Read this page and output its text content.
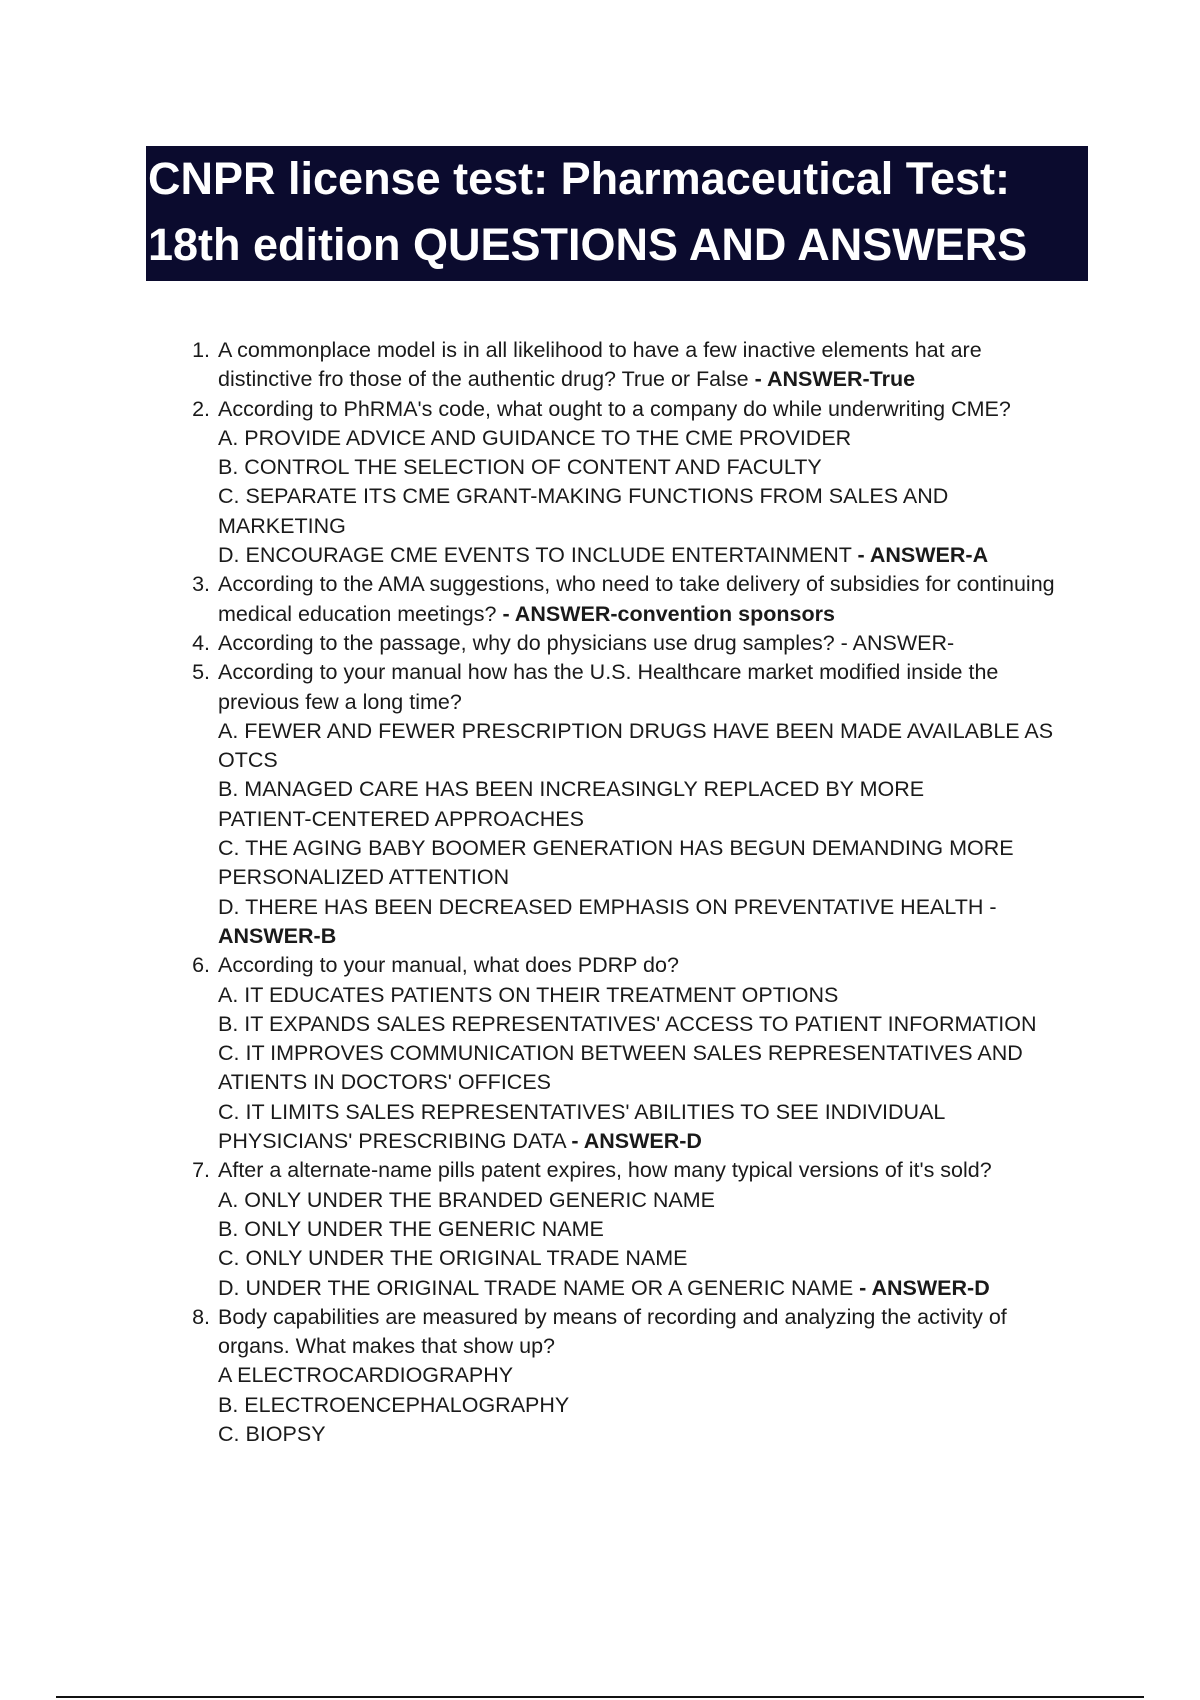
CNPR license test: Pharmaceutical Test:
18th edition QUESTIONS AND ANSWERS
1. A commonplace model is in all likelihood to have a few inactive elements hat are
distinctive fro those of the authentic drug? True or False - ANSWER-True
2. According to PhRMA's code, what ought to a company do while underwriting CME?
A. PROVIDE ADVICE AND GUIDANCE TO THE CME PROVIDER
B. CONTROL THE SELECTION OF CONTENT AND FACULTY
C. SEPARATE ITS CME GRANT-MAKING FUNCTIONS FROM SALES AND
MARKETING
D. ENCOURAGE CME EVENTS TO INCLUDE ENTERTAINMENT - ANSWER-A
3. According to the AMA suggestions, who need to take delivery of subsidies for continuing
medical education meetings? - ANSWER-convention sponsors
4. According to the passage, why do physicians use drug samples? - ANSWER-
5. According to your manual how has the U.S. Healthcare market modified inside the
previous few a long time?
A. FEWER AND FEWER PRESCRIPTION DRUGS HAVE BEEN MADE AVAILABLE AS
OTCS
B. MANAGED CARE HAS BEEN INCREASINGLY REPLACED BY MORE
PATIENT-CENTERED APPROACHES
C. THE AGING BABY BOOMER GENERATION HAS BEGUN DEMANDING MORE
PERSONALIZED ATTENTION
D. THERE HAS BEEN DECREASED EMPHASIS ON PREVENTATIVE HEALTH -
ANSWER-B
6. According to your manual, what does PDRP do?
A. IT EDUCATES PATIENTS ON THEIR TREATMENT OPTIONS
B. IT EXPANDS SALES REPRESENTATIVES' ACCESS TO PATIENT INFORMATION
C. IT IMPROVES COMMUNICATION BETWEEN SALES REPRESENTATIVES AND
ATIENTS IN DOCTORS' OFFICES
C. IT LIMITS SALES REPRESENTATIVES' ABILITIES TO SEE INDIVIDUAL
PHYSICIANS' PRESCRIBING DATA - ANSWER-D
7. After a alternate-name pills patent expires, how many typical versions of it's sold?
A. ONLY UNDER THE BRANDED GENERIC NAME
B. ONLY UNDER THE GENERIC NAME
C. ONLY UNDER THE ORIGINAL TRADE NAME
D. UNDER THE ORIGINAL TRADE NAME OR A GENERIC NAME - ANSWER-D
8. Body capabilities are measured by means of recording and analyzing the activity of
organs. What makes that show up?
A ELECTROCARDIOGRAPHY
B. ELECTROENCEPHALOGRAPHY
C. BIOPSY
